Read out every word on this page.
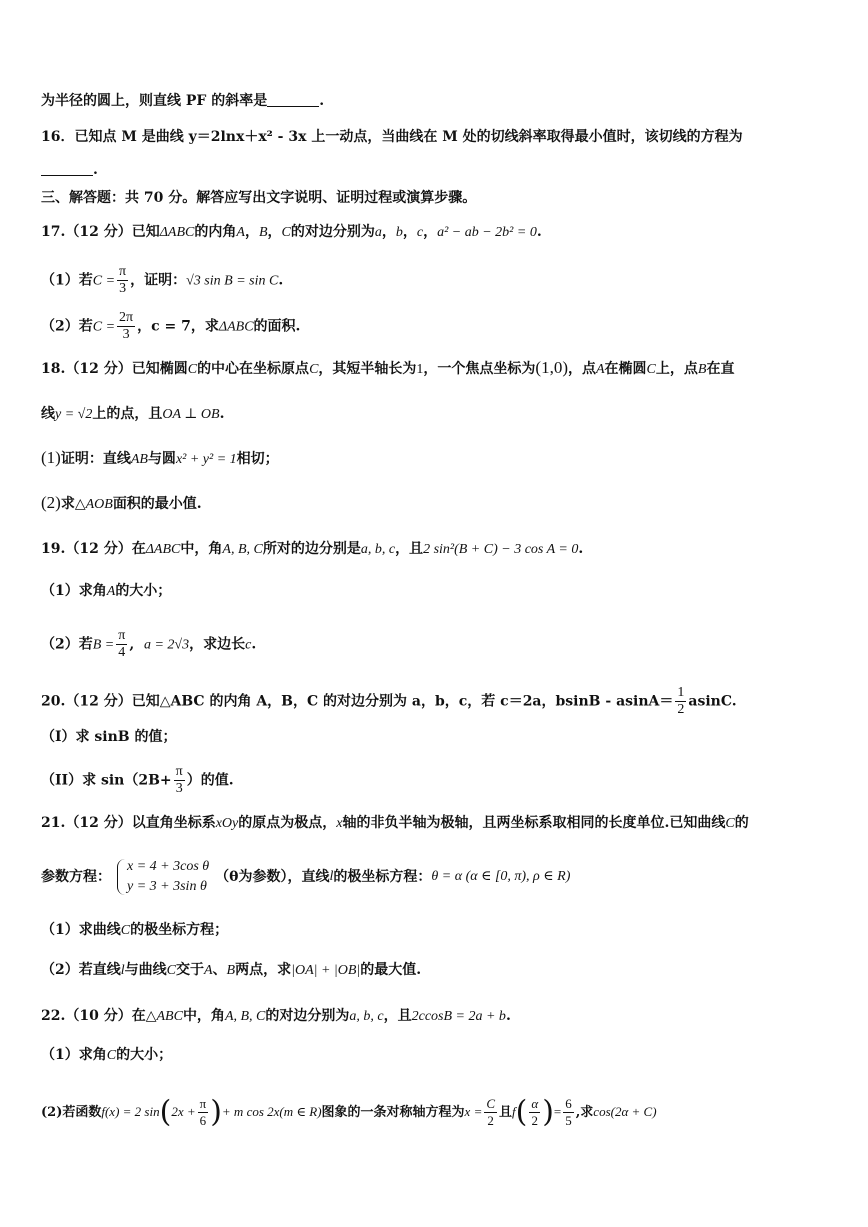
为半径的圆上，则直线 PF 的斜率是	.
16．已知点 M 是曲线 y＝2lnx＋x² - 3x 上一动点，当曲线在 M 处的切线斜率取得最小值时，该切线的方程为
.
三、解答题：共 70 分。解答应写出文字说明、证明过程或演算步骤。
17.（12 分）已知ΔABC的内角A，B，C的对边分别为a，b，c，a² − ab − 2b² = 0.
（1）若$C = \frac{\pi}{3}$ ，证明：√3 sin B = sin C.
（2）若$C = \frac{2\pi}{3}$ ，c = 7，求ΔABC的面积.
18.（12 分）已知椭圆C的中心在坐标原点C，其短半轴长为1，一个焦点坐标为(1,0)，点A在椭圆C上，点B在直
线y = √2上的点，且OA ⊥ OB.
(1)证明：直线AB与圆x² + y² = 1相切；
(2)求△AOB面积的最小值.
19.（12 分）在ΔABC中，角A, B, C所对的边分别是a, b, c，且2 sin²(B + C) − 3 cos A = 0.
（1）求角A的大小；
（2）若$B = \frac{\pi}{4}$ , a = 2√3，求边长c.
20.（12 分）已知△ABC 的内角 A，B，C 的对边分别为 a，b，c，若 c＝2a，$bsinB - asinA= \frac{1}{2} asinC$.
（I）求 sinB 的值；
（II）求 $\sin(2B+ \frac{\pi}{3}$ ）的值.
21.（12 分）以直角坐标系xOy的原点为极点，x轴的非负半轴为极轴，且两坐标系取相同的长度单位.已知曲线C的
参数方程：
x = 4 + 3cos θ
y = 3 + 3sin θ
（θ为参数），直线l的极坐标方程：θ = α (α ∈ [0, π), ρ ∈ R)
（1）求曲线C的极坐标方程；
（2）若直线l与曲线C交于A、B两点，求|OA| + |OB|的最大值.
22.（10 分）在△ABC中，角A, B, C的对边分别为a, b, c，且2ccosB = 2a + b.
（1）求角C的大小；
(2)若函数f(x) = 2 $\sin(2x + \frac{\pi}{6}$ )+ m cos 2x(m ∈ R)图象的一条对称轴方程为$x = \frac{C}{2}$ 且$f( \frac{\alpha}{2}$ )= $\frac{6}{5}$ ,求cos(2α + C)
